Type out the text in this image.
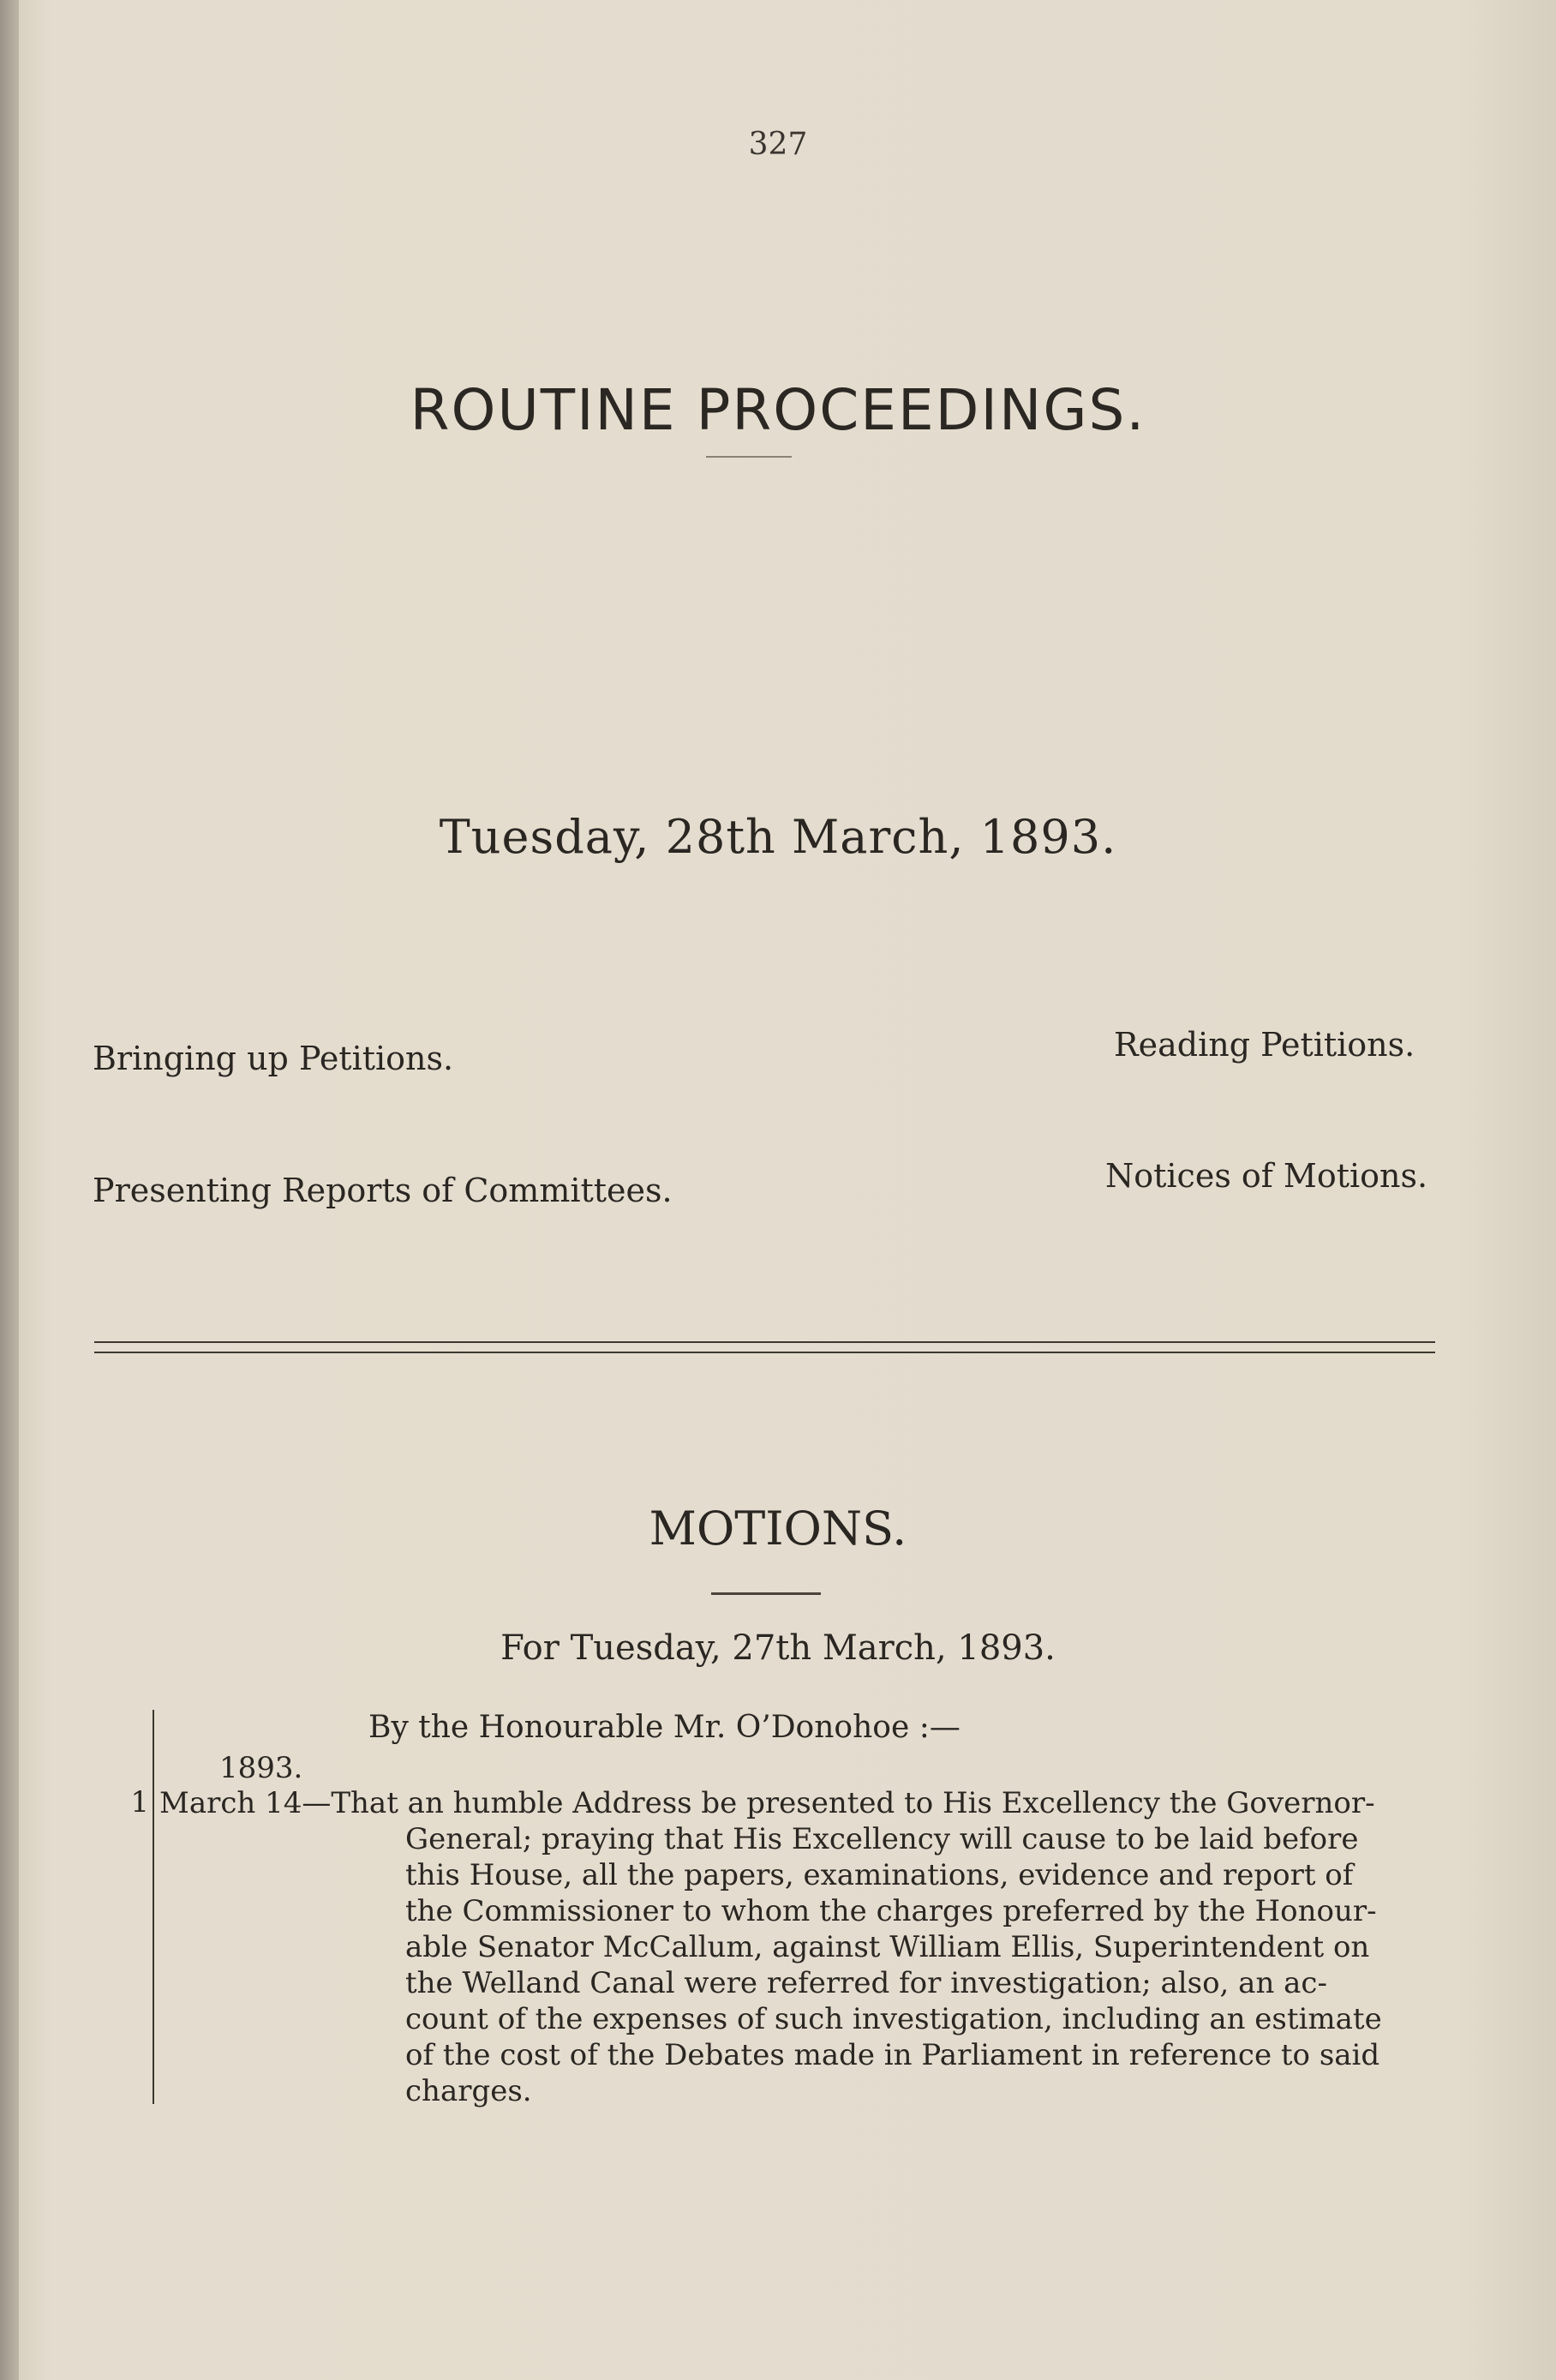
327
ROUTINE PROCEEDINGS.
Tuesday, 28th March, 1893.
Bringing up Petitions.	Reading Petitions.
Presenting Reports of Committees.	Notices of Motions.
MOTIONS.
For Tuesday, 27th March, 1893.
By the Honourable Mr. O’Donohoe :—
1893.
1 March 14—That an humble Address be presented to His Excellency the Governor-
General; praying that His Excellency will cause to be laid before
this House, all the papers, examinations, evidence and report of
the Commissioner to whom the charges preferred by the Honour-
able Senator McCallum, against William Ellis, Superintendent on
the Welland Canal were referred for investigation; also, an ac-
count of the expenses of such investigation, including an estimate
of the cost of the Debates made in Parliament in reference to said
charges.
